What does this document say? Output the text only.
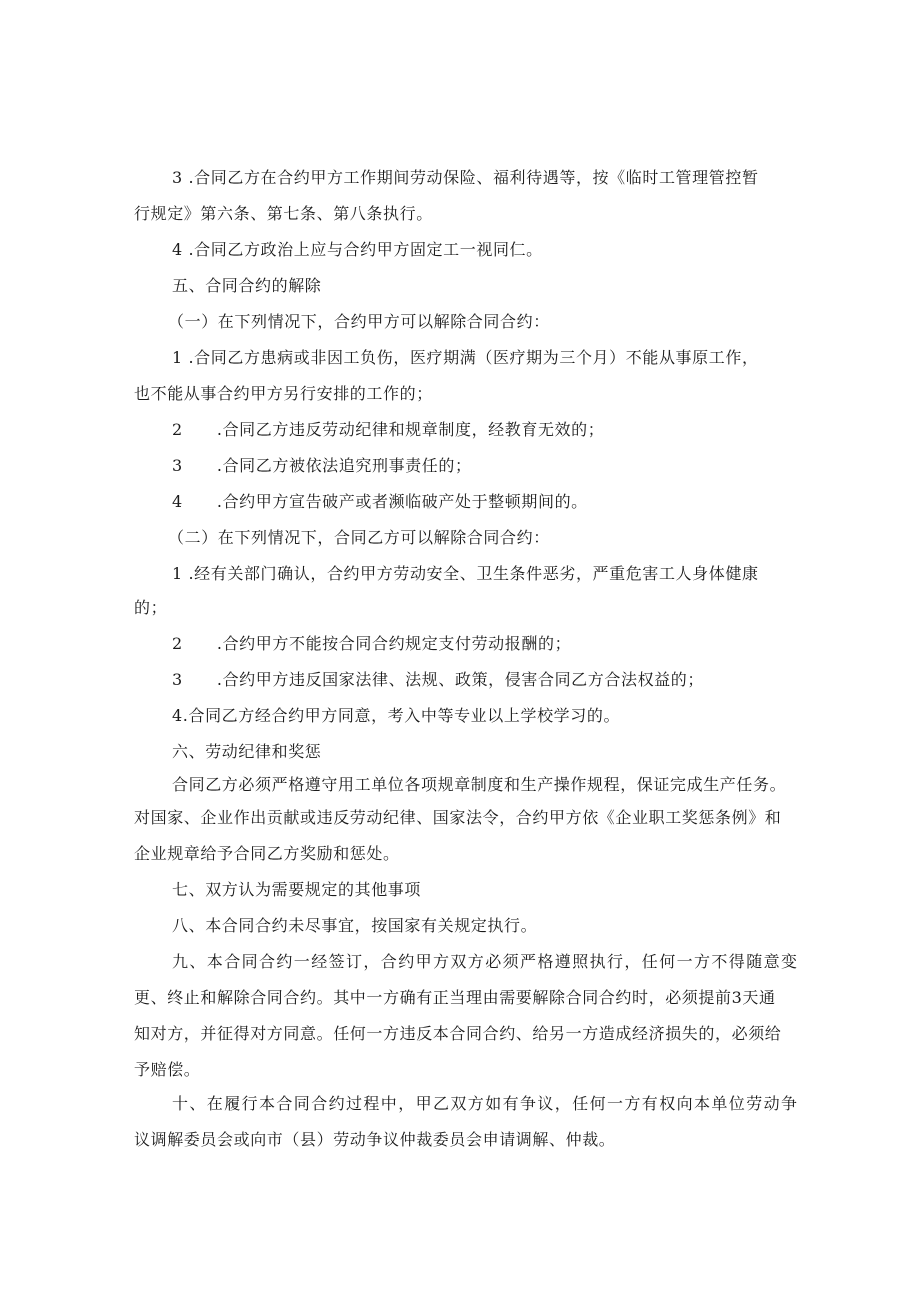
3 .合同乙方在合约甲方工作期间劳动保险、福利待遇等，按《临时工管理管控暂
行规定》第六条、第七条、第八条执行。
4 .合同乙方政治上应与合约甲方固定工一视同仁。
五、合同合约的解除
（一）在下列情况下，合约甲方可以解除合同合约：
1 .合同乙方患病或非因工负伤，医疗期满（医疗期为三个月）不能从事原工作，
也不能从事合约甲方另行安排的工作的；
2      .合同乙方违反劳动纪律和规章制度，经教育无效的；
3      .合同乙方被依法追究刑事责任的；
4      .合约甲方宣告破产或者濒临破产处于整顿期间的。
（二）在下列情况下，合同乙方可以解除合同合约：
1 .经有关部门确认，合约甲方劳动安全、卫生条件恶劣，严重危害工人身体健康
的；
2      .合约甲方不能按合同合约规定支付劳动报酬的；
3      .合约甲方违反国家法律、法规、政策，侵害合同乙方合法权益的；
4.合同乙方经合约甲方同意，考入中等专业以上学校学习的。
六、劳动纪律和奖惩
合同乙方必须严格遵守用工单位各项规章制度和生产操作规程，保证完成生产任务。
对国家、企业作出贡献或违反劳动纪律、国家法令，合约甲方依《企业职工奖惩条例》和
企业规章给予合同乙方奖励和惩处。
七、双方认为需要规定的其他事项
八、本合同合约未尽事宜，按国家有关规定执行。
九、本合同合约一经签订，合约甲方双方必须严格遵照执行，任何一方不得随意变
更、终止和解除合同合约。其中一方确有正当理由需要解除合同合约时，必须提前3天通
知对方，并征得对方同意。任何一方违反本合同合约、给另一方造成经济损失的，必须给
予赔偿。
十、在履行本合同合约过程中，甲乙双方如有争议，任何一方有权向本单位劳动争
议调解委员会或向市（县）劳动争议仲裁委员会申请调解、仲裁。
